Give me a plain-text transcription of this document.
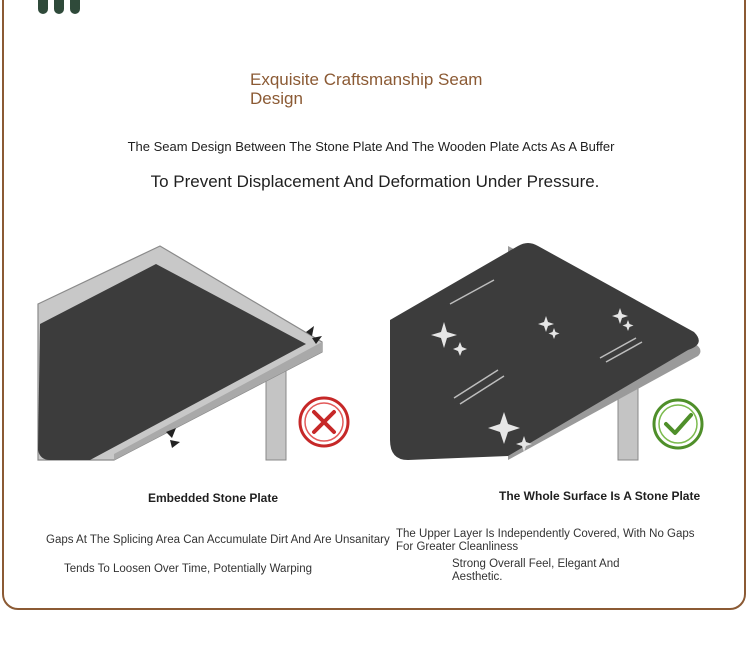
Exquisite Craftsmanship Seam Design
The Seam Design Between The Stone Plate And The Wooden Plate Acts As A Buffer
To Prevent Displacement And Deformation Under Pressure.
Embedded Stone Plate	The Whole Surface Is A Stone Plate
Gaps At The Splicing Area Can Accumulate Dirt And Are Unsanitary
Tends To Loosen Over Time, Potentially Warping
The Upper Layer Is Independently Covered, With No Gaps
For Greater Cleanliness
Strong Overall Feel, Elegant And
Aesthetic.
